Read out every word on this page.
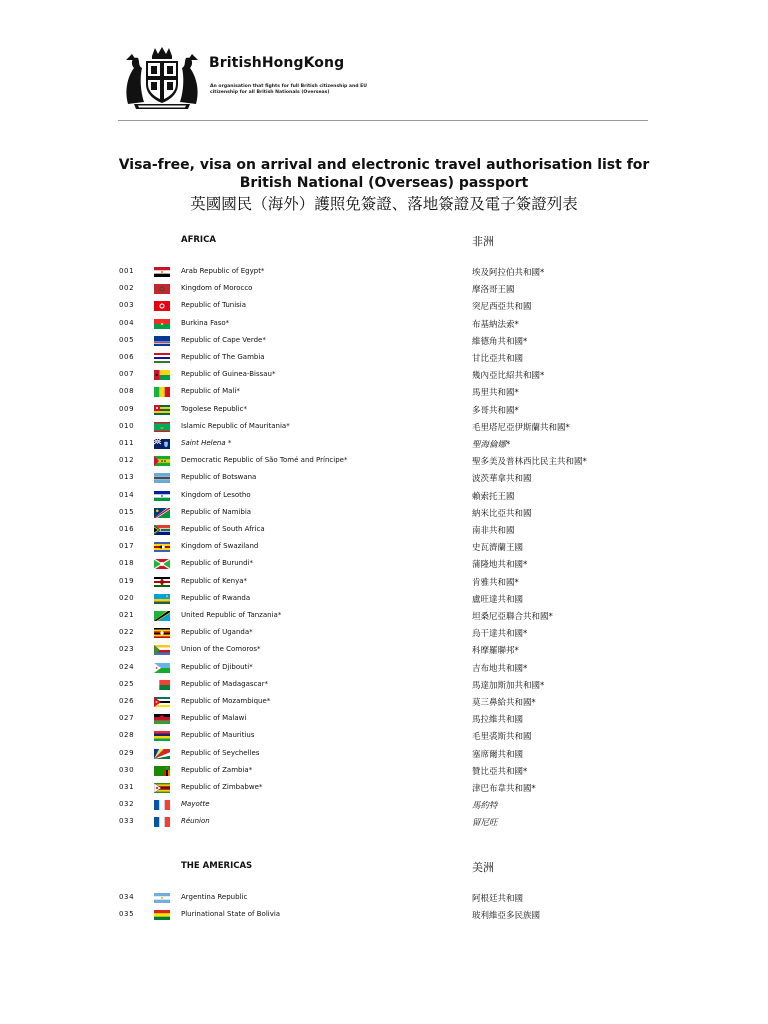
BritishHongKong
An organisation that fights for full British citizenship and EU citizenship for all British Nationals (Overseas)
Visa-free, visa on arrival and electronic travel authorisation list for British National (Overseas) passport
英國國民（海外）護照免簽證、落地簽證及電子簽證列表
AFRICA	非洲
001	Arab Republic of Egypt*	埃及阿拉伯共和國*
002	Kingdom of Morocco	摩洛哥王國
003	Republic of Tunisia	突尼西亞共和國
004	Burkina Faso*	布基納法索*
005	Republic of Cape Verde*	維德角共和國*
006	Republic of The Gambia	甘比亞共和國
007	Republic of Guinea-Bissau*	幾內亞比紹共和國*
008	Republic of Mali*	馬里共和國*
009	Togolese Republic*	多哥共和國*
010	Islamic Republic of Mauritania*	毛里塔尼亞伊斯蘭共和國*
011	Saint Helena *	聖海倫娜*
012	Democratic Republic of São Tomé and Príncipe*	聖多美及普林西比民主共和國*
013	Republic of Botswana	波茨華拿共和國
014	Kingdom of Lesotho	賴索托王國
015	Republic of Namibia	納米比亞共和國
016	Republic of South Africa	南非共和國
017	Kingdom of Swaziland	史瓦濟蘭王國
018	Republic of Burundi*	蒲隆地共和國*
019	Republic of Kenya*	肯雅共和國*
020	Republic of Rwanda	盧旺達共和國
021	United Republic of Tanzania*	坦桑尼亞聯合共和國*
022	Republic of Uganda*	烏干達共和國*
023	Union of the Comoros*	科摩羅聯邦*
024	Republic of Djibouti*	吉布地共和國*
025	Republic of Madagascar*	馬達加斯加共和國*
026	Republic of Mozambique*	莫三鼻給共和國*
027	Republic of Malawi	馬拉維共和國
028	Republic of Mauritius	毛里裘斯共和國
029	Republic of Seychelles	塞席爾共和國
030	Republic of Zambia*	贊比亞共和國*
031	Republic of Zimbabwe*	津巴布韋共和國*
032	Mayotte	馬約特
033	Réunion	留尼旺
THE AMERICAS	美洲
034	Argentina Republic	阿根廷共和國
035	Plurinational State of Bolivia	玻利維亞多民族國
